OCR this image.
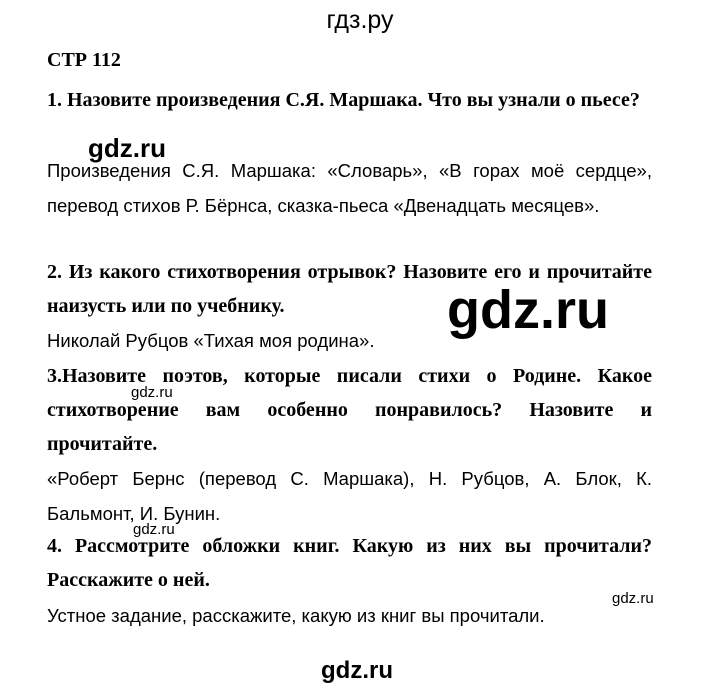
гдз.ру
СТР 112
1. Назовите произведения С.Я. Маршака. Что вы узнали о пьесе?
Произведения С.Я. Маршака: «Словарь», «В горах моё сердце», перевод стихов Р. Бёрнса, сказка-пьеса «Двенадцать месяцев».
2. Из какого стихотворения отрывок? Назовите его и прочитайте наизусть или по учебнику.
Николай Рубцов «Тихая моя родина».
3.Назовите поэтов, которые писали стихи о Родине. Какое стихотворение вам особенно понравилось? Назовите и прочитайте.
«Роберт Бернс (перевод С. Маршака), Н. Рубцов, А. Блок, К. Бальмонт, И. Бунин.
4. Рассмотрите обложки книг. Какую из них вы прочитали? Расскажите о ней.
Устное задание, расскажите, какую из книг вы прочитали.
gdz.ru
gdz.ru
gdz.ru
gdz.ru
gdz.ru
gdz.ru
